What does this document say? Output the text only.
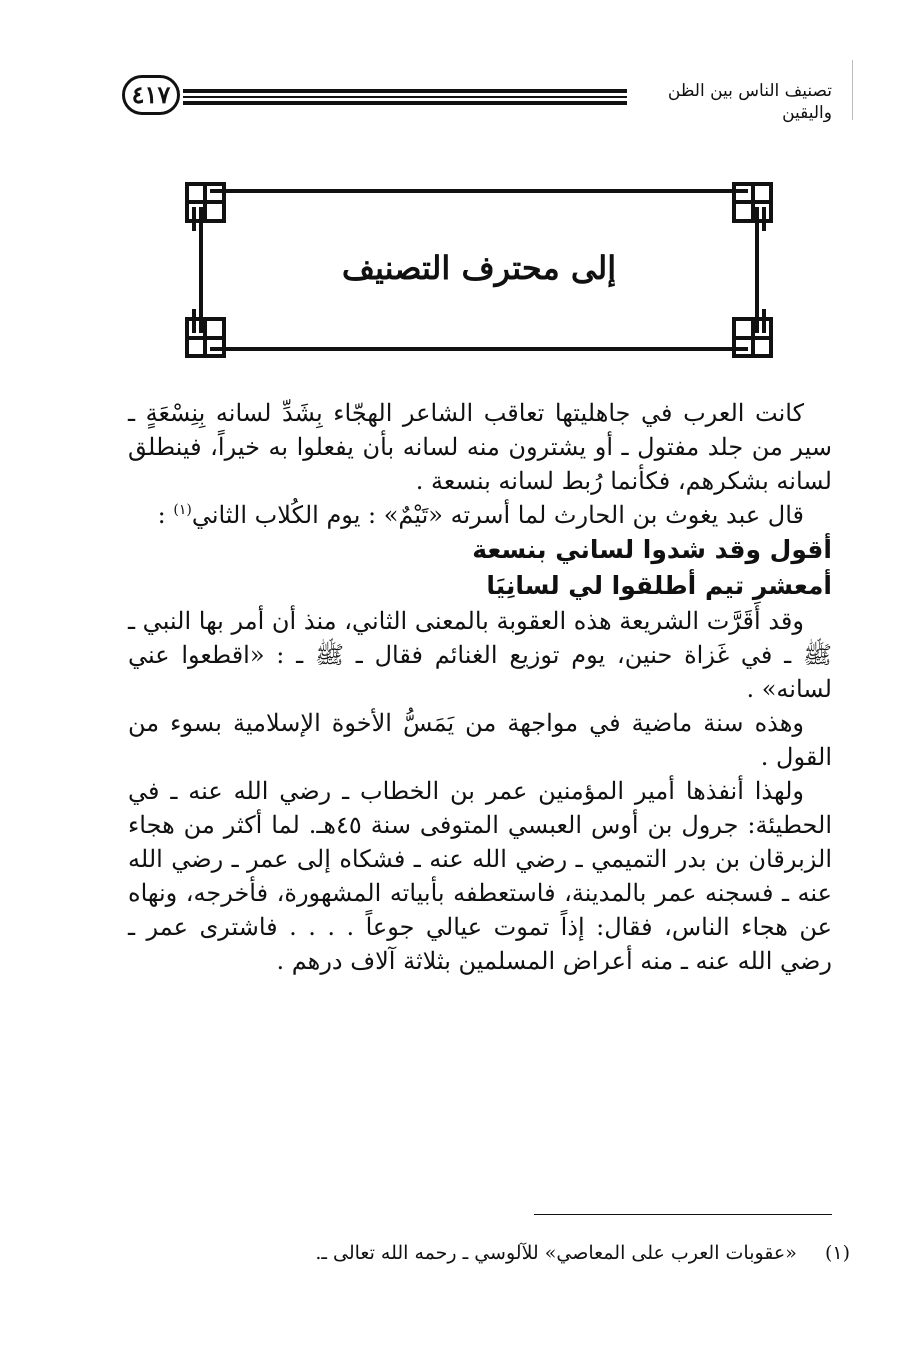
تصنيف الناس بين الظن واليقين
٤١٧
إلى محترف التصنيف

كانت العرب في جاهليتها تعاقب الشاعر الهجّاء بِشَدِّ لسانه بِنِسْعَةٍ ـ سير من جلد مفتول ـ أو يشترون منه لسانه بأن يفعلوا به خيراً، فينطلق لسانه بشكرهم، فكأنما رُبط لسانه بنسعة .

قال عبد يغوث بن الحارث لما أسرته «تَيْمٌ» : يوم الكُلاب الثاني$^{(١)}$ :

أقول وقد شدوا لساني بنسعة

أمعشر تيم أطلقوا لي لسانِيَا

وقد أَقَرَّت الشريعة هذه العقوبة بالمعنى الثاني، منذ أن أمر بها النبي ـ ﷺ ـ في غَزاة حنين، يوم توزيع الغنائم فقال ـ ﷺ ـ : «اقطعوا عني لسانه» .

وهذه سنة ماضية في مواجهة من يَمَسُّ الأخوة الإسلامية بسوء من القول .

ولهذا أنفذها أمير المؤمنين عمر بن الخطاب ـ رضي الله عنه ـ في الحطيئة: جرول بن أوس العبسي المتوفى سنة ٤٥هـ. لما أكثر من هجاء الزبرقان بن بدر التميمي ـ رضي الله عنه ـ فشكاه إلى عمر ـ رضي الله عنه ـ فسجنه عمر بالمدينة، فاستعطفه بأبياته المشهورة، فأخرجه، ونهاه عن هجاء الناس، فقال: إذاً تموت عيالي جوعاً . . . . فاشترى عمر ـ رضي الله عنه ـ منه أعراض المسلمين بثلاثة آلاف درهم .

(١) «عقوبات العرب على المعاصي» للآلوسي ـ رحمه الله تعالى ـ.
